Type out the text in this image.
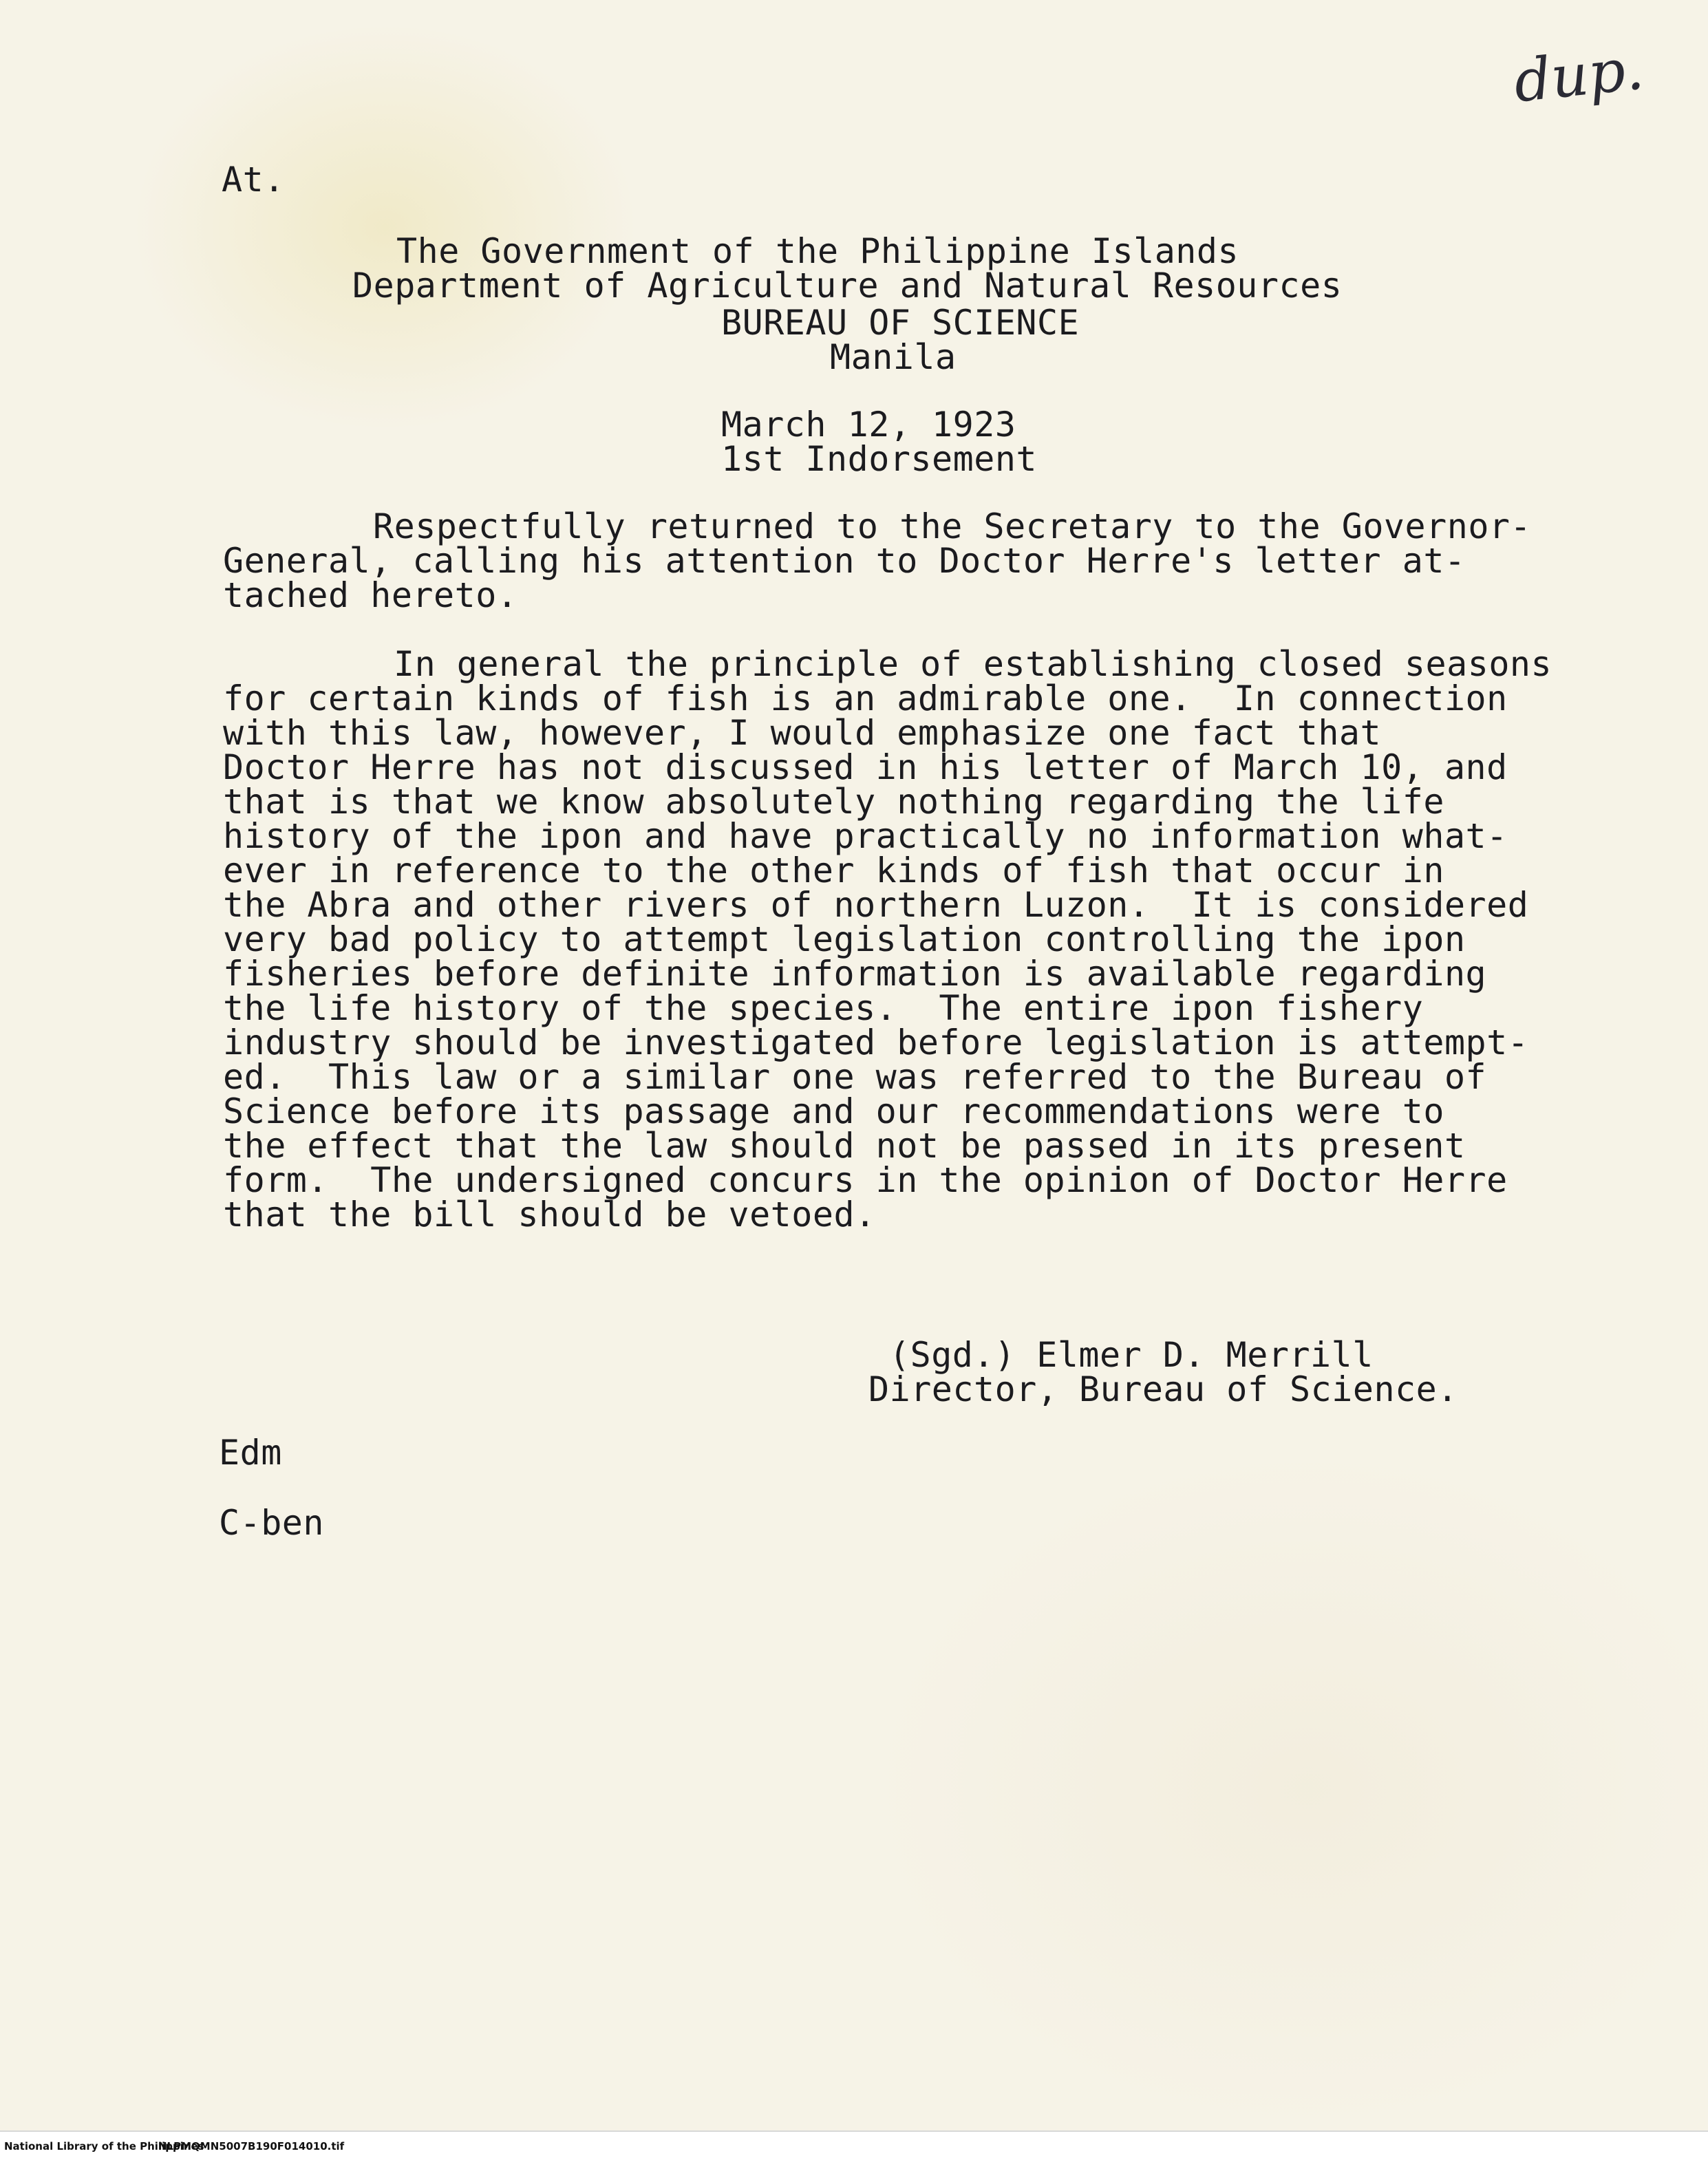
dup.

At.

The Government of the Philippine Islands

Department of Agriculture and Natural Resources

BUREAU OF SCIENCE

Manila

March 12, 1923

1st Indorsement

Respectfully returned to the Secretary to the Governor-

General, calling his attention to Doctor Herre's letter at-

tached hereto.

In general the principle of establishing closed seasons

for certain kinds of fish is an admirable one.  In connection

with this law, however, I would emphasize one fact that

Doctor Herre has not discussed in his letter of March 10, and

that is that we know absolutely nothing regarding the life

history of the ipon and have practically no information what-

ever in reference to the other kinds of fish that occur in

the Abra and other rivers of northern Luzon.  It is considered

very bad policy to attempt legislation controlling the ipon

fisheries before definite information is available regarding

the life history of the species.  The entire ipon fishery

industry should be investigated before legislation is attempt-

ed.  This law or a similar one was referred to the Bureau of

Science before its passage and our recommendations were to

the effect that the law should not be passed in its present

form.  The undersigned concurs in the opinion of Doctor Herre

that the bill should be vetoed.

(Sgd.) Elmer D. Merrill

Director, Bureau of Science.

Edm

C-ben

National Library of the Philippines
NLPMQMN5007B190F014010.tif
